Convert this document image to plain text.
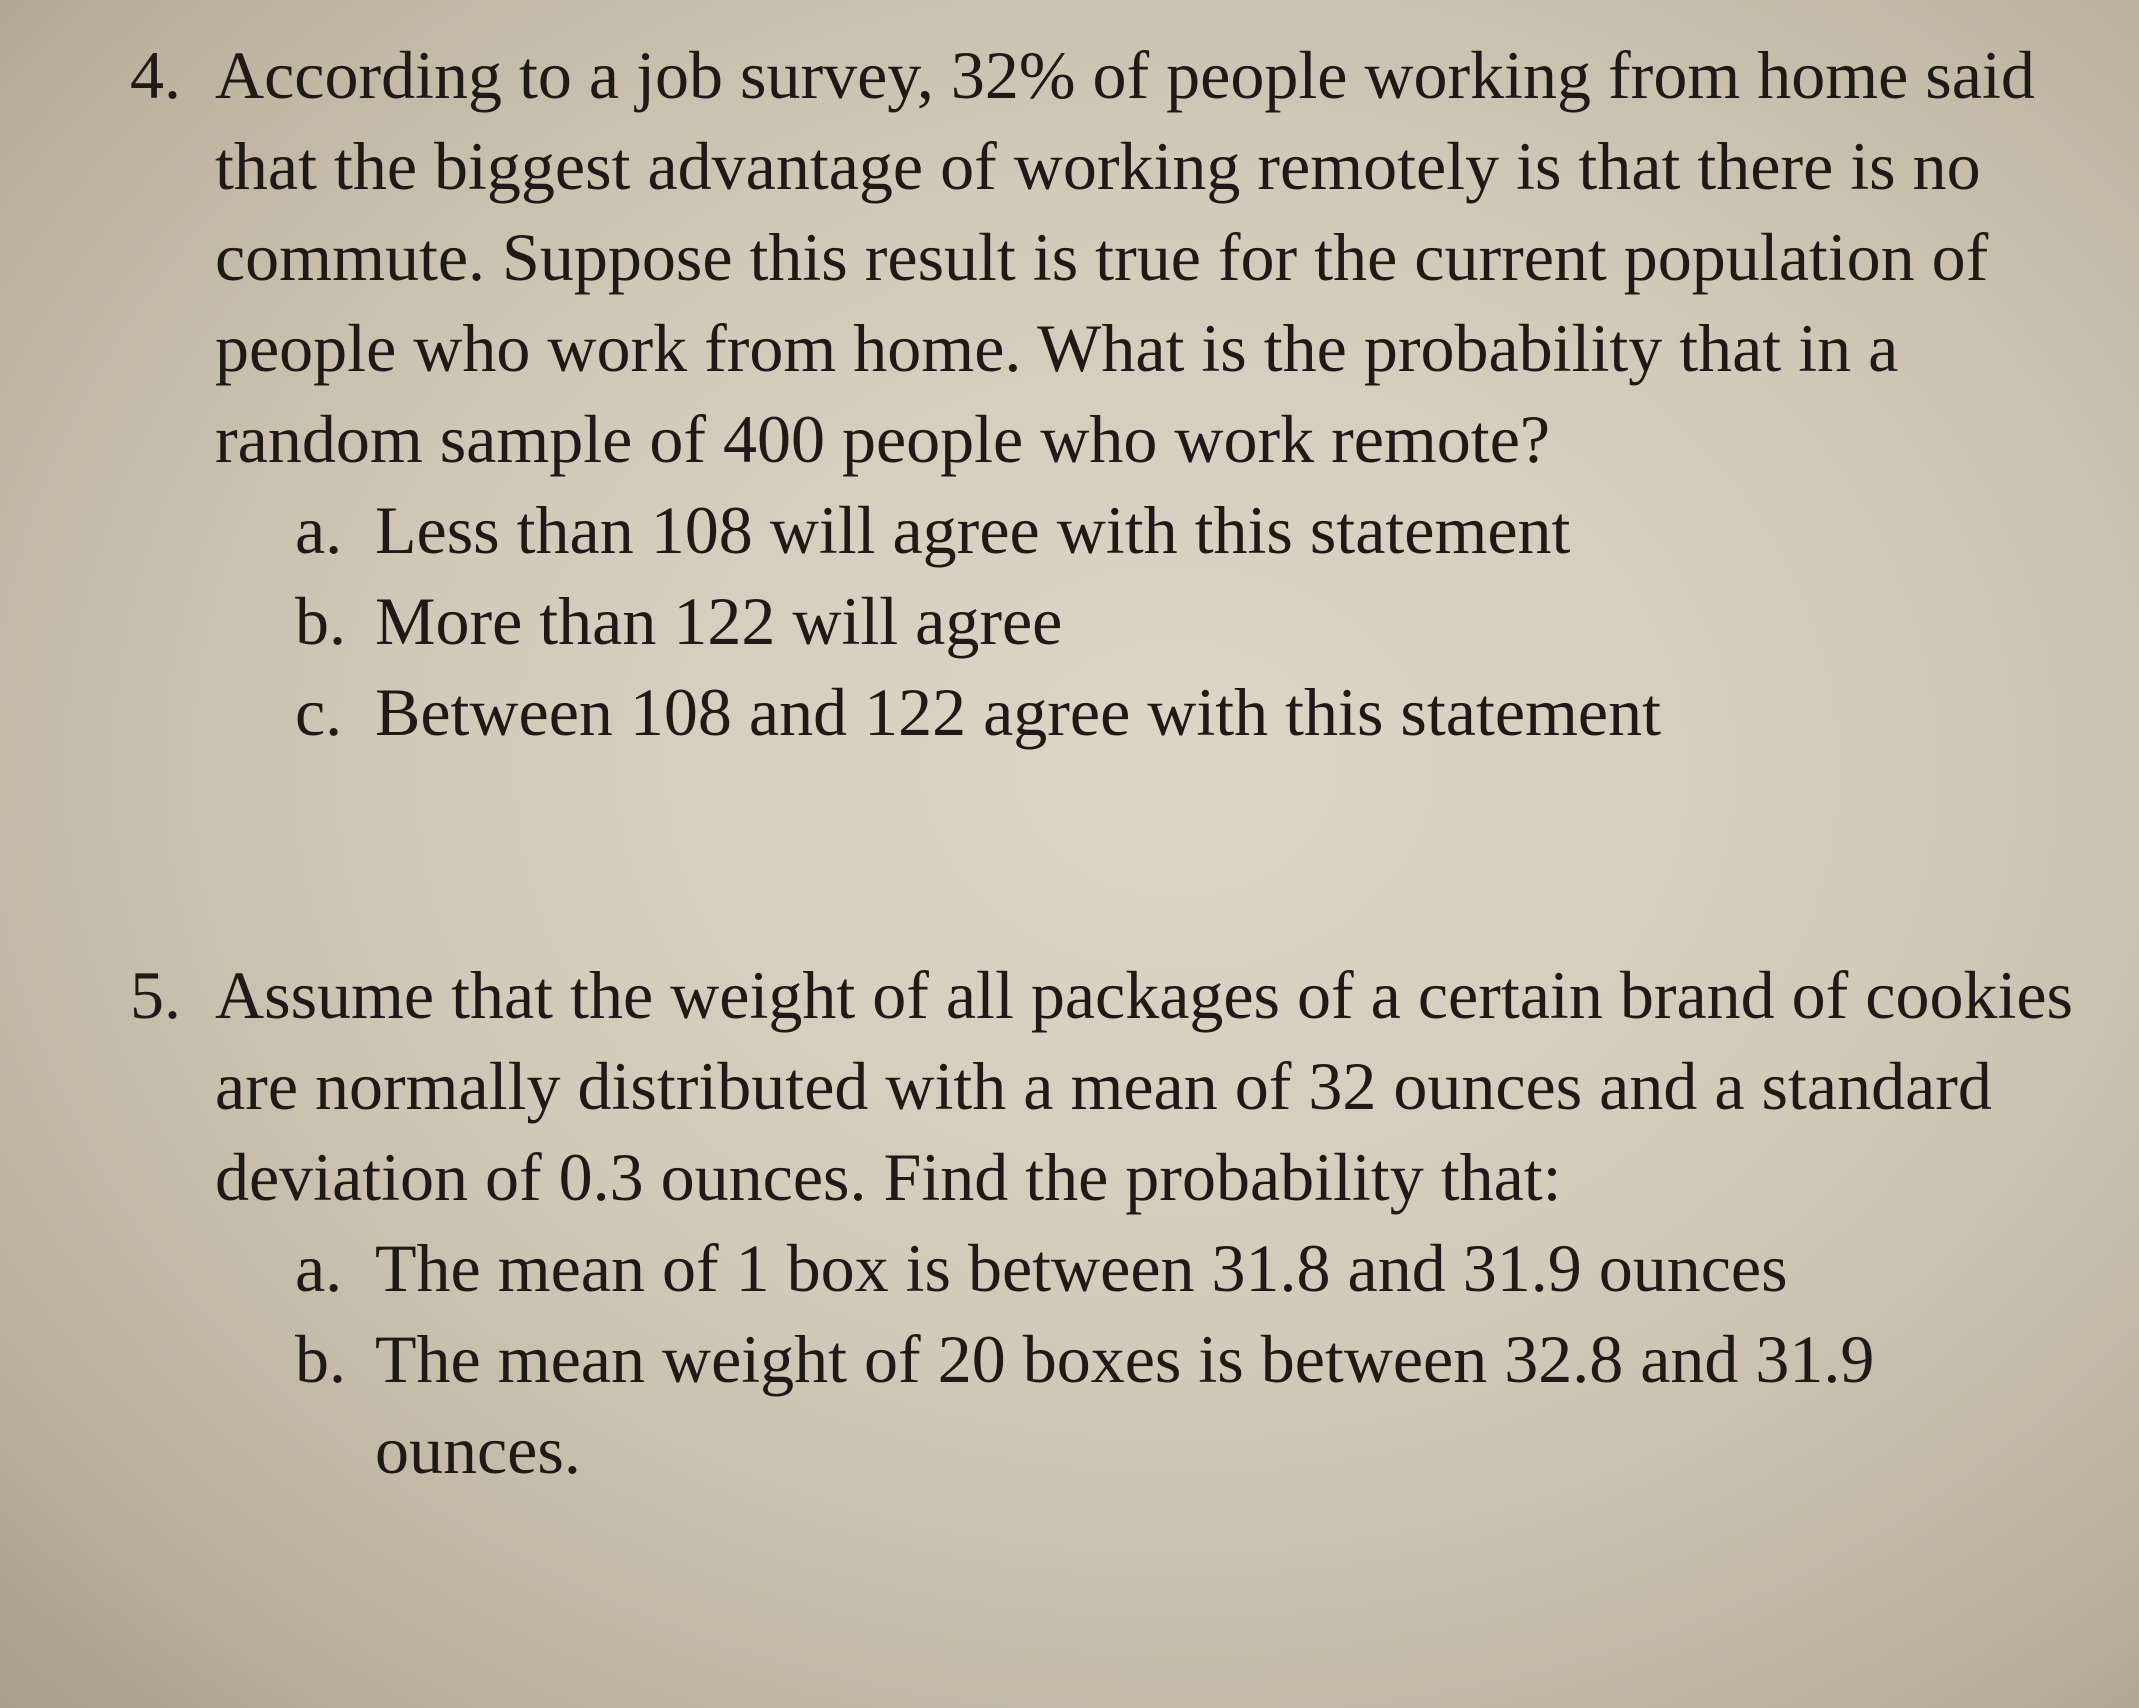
4. According to a job survey, 32% of people working from home said that the biggest advantage of working remotely is that there is no commute. Suppose this result is true for the current population of people who work from home. What is the probability that in a random sample of 400 people who work remote?
a. Less than 108 will agree with this statement
b. More than 122 will agree
c. Between 108 and 122 agree with this statement
5. Assume that the weight of all packages of a certain brand of cookies are normally distributed with a mean of 32 ounces and a standard deviation of 0.3 ounces. Find the probability that:
a. The mean of 1 box is between 31.8 and 31.9 ounces
b. The mean weight of 20 boxes is between 32.8 and 31.9 ounces.
